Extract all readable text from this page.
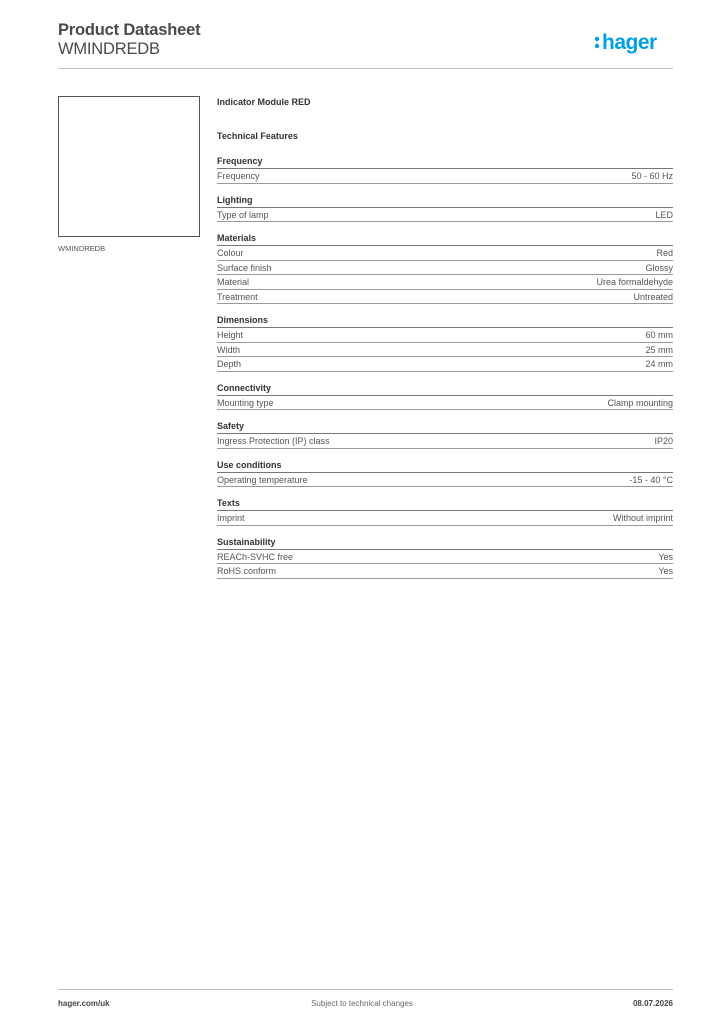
Product Datasheet
WMINDREDB	hager
WMINDREDB
Indicator Module RED
Technical Features
Frequency
Frequency	50 - 60 Hz
Lighting
Type of lamp	LED
Materials
Colour	Red
Surface finish	Glossy
Material	Urea formaldehyde
Treatment	Untreated
Dimensions
Height	60 mm
Width	25 mm
Depth	24 mm
Connectivity
Mounting type	Clamp mounting
Safety
Ingress Protection (IP) class	IP20
Use conditions
Operating temperature	-15 - 40 °C
Texts
Imprint	Without imprint
Sustainability
REACh-SVHC free	Yes
RoHS conform	Yes
hager.com/uk	Subject to technical changes	08.07.2026
